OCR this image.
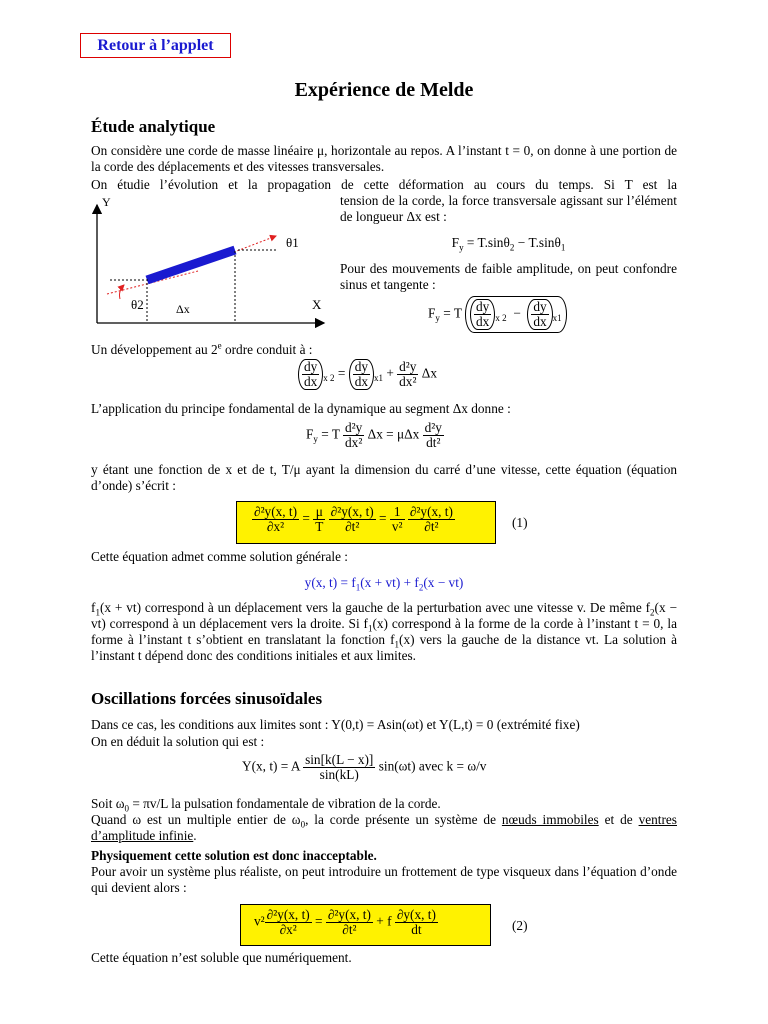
Retour à l’applet
Expérience de Melde
Étude analytique
On considère une corde de masse linéaire μ, horizontale au repos. A l’instant t = 0, on donne à une portion de la corde des déplacements et des vitesses transversales.
On étudie l’évolution et la propagation de cette déformation au cours du temps. Si T est la
Y
X
θ1
θ2	Δx
tension de la corde, la force transversale agissant sur l’élément de longueur Δx est :
$F_y = T.\sin\theta_2 - T.\sin\theta_1$
Pour des mouvements de faible amplitude, on peut confondre sinus et tangente :
$F_y = T \frac{dy}{dx} _{x 2} - \frac{dy}{dx} _{x1}$
Un développement au 2e ordre conduit à :
$\frac{dy}{dx} _{x 2} = \frac{dy}{dx} _{x1} + \frac{\text{d²y}}{\text{dx²}}$ Δx
L’application du principe fondamental de la dynamique au segment Δx donne :
$F_y = T \frac{\text{d²y}}{\text{dx²}}$ Δx = μΔx $\frac{\text{d²y}}{\text{dt²}}$
y étant une fonction de x et de t, T/μ ayant la dimension du carré d’une vitesse, cette équation (équation d’onde) s’écrit :
$\frac{\text{∂²y(x, t)}}{\text{∂x²}} = \frac{\mu}{T}$
$\frac{\text{∂²y(x, t)}}{\text{∂t²}} = \frac{1}{\text{v²}}$
$\frac{\text{∂²y(x, t)}}{\text{∂t²}}$	(1)
Cette équation admet comme solution générale :
y(x, $t) = f_1(x + vt) + f_2(x - vt)$
$f_1(x + vt)$ correspond à un déplacement vers la gauche de la perturbation avec une vitesse v. De même $f_2(x - vt)$ correspond à un déplacement vers la droite. Si $f_1(x)$ correspond à la forme de la corde à l’instant t = 0, la forme à l’instant t s’obtient en translatant la fonction $f_1(x)$ vers la gauche de la distance vt. La solution à l’instant t dépend donc des conditions initiales et aux limites.
Oscillations forcées sinusoïdales
Dans ce cas, les conditions aux limites sont : Y(0,t) = Asin(ωt) et Y(L,t) = 0 (extrémité fixe)
On en déduit la solution qui est :
Y(x, t) = A $\frac{\sin[k(L - x)]}{\sin(kL)} \sin(\omega t)$ avec k = ω/v
Soit $\omega_0 = \pi v/L$ la pulsation fondamentale de vibration de la corde.
Quand ω est un multiple entier de $\omega_0$, la corde présente un système de nœuds immobiles et de ventres d’amplitude infinie.
Physiquement cette solution est donc inacceptable.
Pour avoir un système plus réaliste, on peut introduire un frottement de type visqueux dans l’équation d’onde qui devient alors :
$v^2 \frac{\text{∂²y(x, t)}}{\text{∂x²}} = \frac{\text{∂²y(x, t)}}{\text{∂t²}} + f \frac{\partial y(x, t)}{dt}$	(2)
Cette équation n’est soluble que numériquement.
